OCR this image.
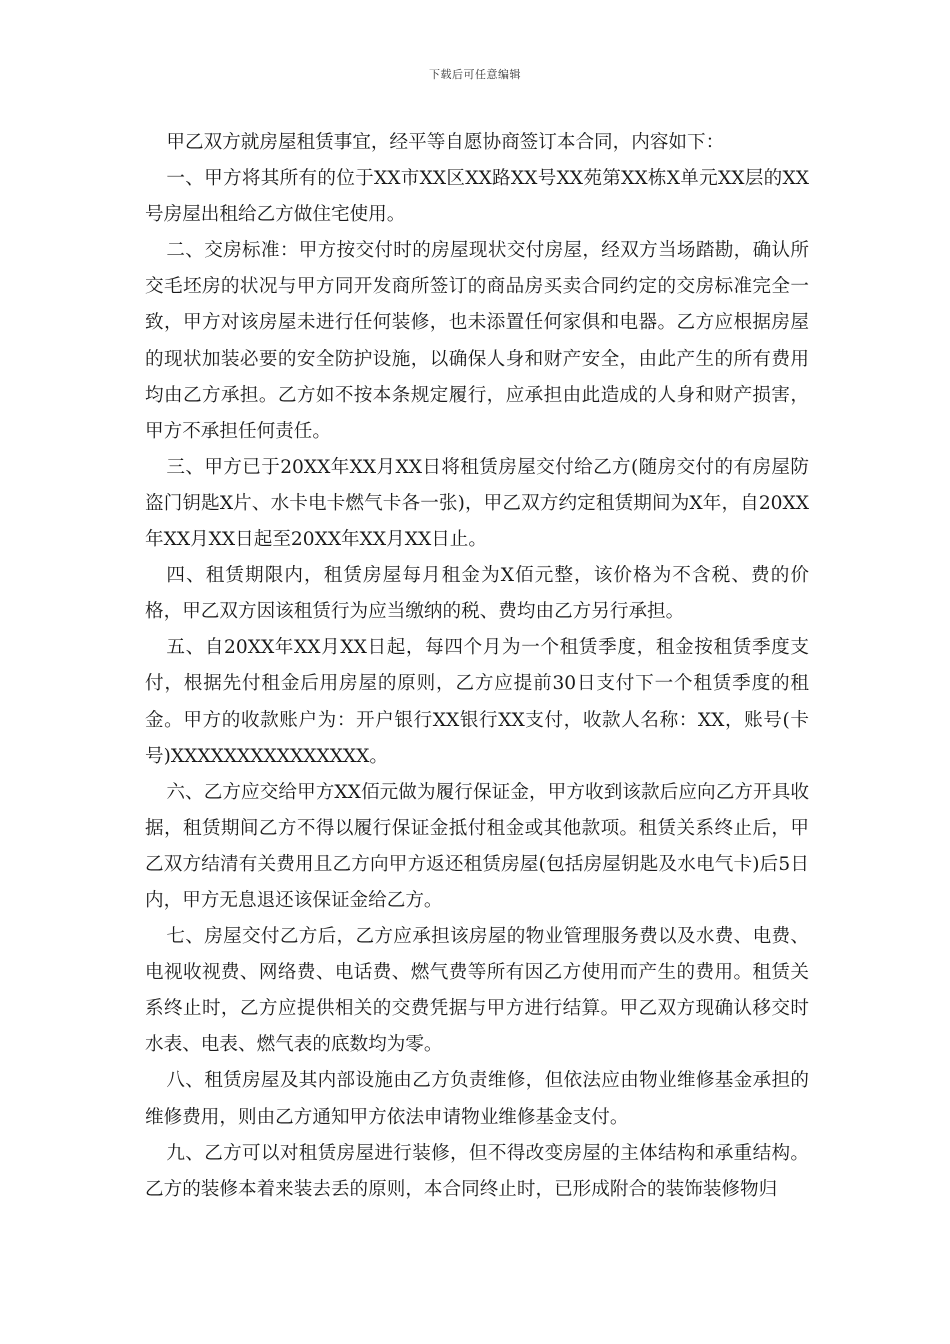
下载后可任意编辑

甲乙双方就房屋租赁事宜，经平等自愿协商签订本合同，内容如下：

一、甲方将其所有的位于XX市XX区XX路XX号XX苑第XX栋X单元XX层的XX号房屋出租给乙方做住宅使用。

二、交房标准：甲方按交付时的房屋现状交付房屋，经双方当场踏勘，确认所交毛坯房的状况与甲方同开发商所签订的商品房买卖合同约定的交房标准完全一致，甲方对该房屋未进行任何装修，也未添置任何家俱和电器。乙方应根据房屋的现状加装必要的安全防护设施，以确保人身和财产安全，由此产生的所有费用均由乙方承担。乙方如不按本条规定履行，应承担由此造成的人身和财产损害，甲方不承担任何责任。

三、甲方已于20XX年XX月XX日将租赁房屋交付给乙方(随房交付的有房屋防盗门钥匙X片、水卡电卡燃气卡各一张)，甲乙双方约定租赁期间为X年，自20XX年XX月XX日起至20XX年XX月XX日止。

四、租赁期限内，租赁房屋每月租金为X佰元整，该价格为不含税、费的价格，甲乙双方因该租赁行为应当缴纳的税、费均由乙方另行承担。

五、自20XX年XX月XX日起，每四个月为一个租赁季度，租金按租赁季度支付，根据先付租金后用房屋的原则，乙方应提前30日支付下一个租赁季度的租金。甲方的收款账户为：开户银行XX银行XX支付，收款人名称：XX，账号(卡号)XXXXXXXXXXXXXXX。

六、乙方应交给甲方XX佰元做为履行保证金，甲方收到该款后应向乙方开具收据，租赁期间乙方不得以履行保证金抵付租金或其他款项。租赁关系终止后，甲乙双方结清有关费用且乙方向甲方返还租赁房屋(包括房屋钥匙及水电气卡)后5日内，甲方无息退还该保证金给乙方。

七、房屋交付乙方后，乙方应承担该房屋的物业管理服务费以及水费、电费、电视收视费、网络费、电话费、燃气费等所有因乙方使用而产生的费用。租赁关系终止时，乙方应提供相关的交费凭据与甲方进行结算。甲乙双方现确认移交时水表、电表、燃气表的底数均为零。

八、租赁房屋及其内部设施由乙方负责维修，但依法应由物业维修基金承担的维修费用，则由乙方通知甲方依法申请物业维修基金支付。

九、乙方可以对租赁房屋进行装修，但不得改变房屋的主体结构和承重结构。乙方的装修本着来装去丢的原则，本合同终止时，已形成附合的装饰装修物归
